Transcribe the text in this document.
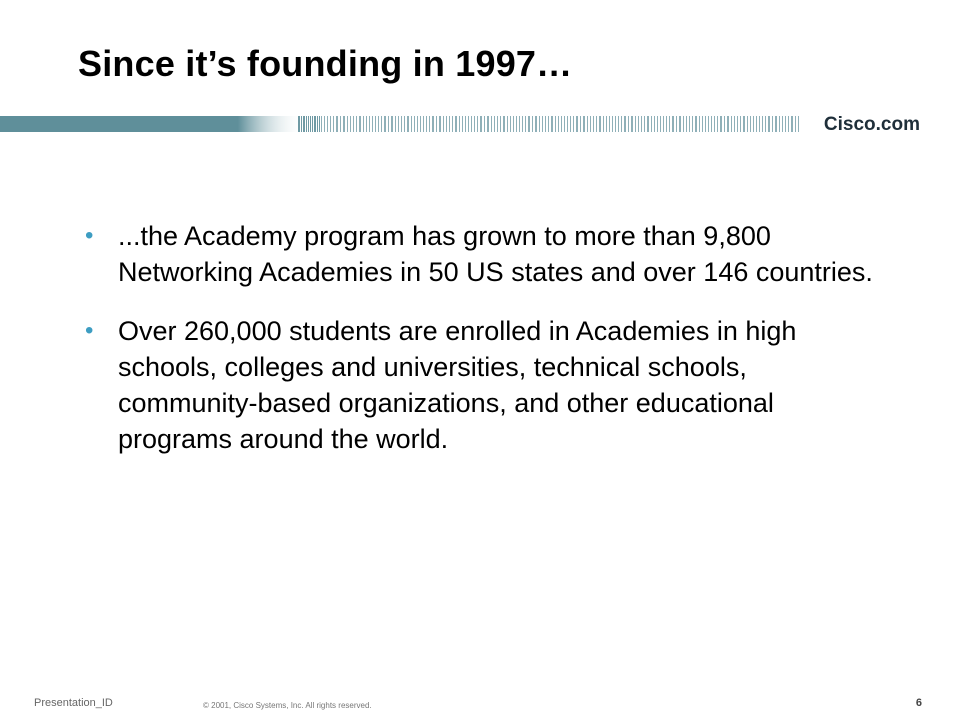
Since it’s founding in 1997…
Cisco.com
• ...the Academy program has grown to more than 9,800 Networking Academies in 50 US states and over 146 countries.
• Over 260,000 students are enrolled in Academies in high schools, colleges and universities, technical schools, community-based organizations, and other educational programs around the world.
Presentation_ID	© 2001, Cisco Systems, Inc. All rights reserved.	6
